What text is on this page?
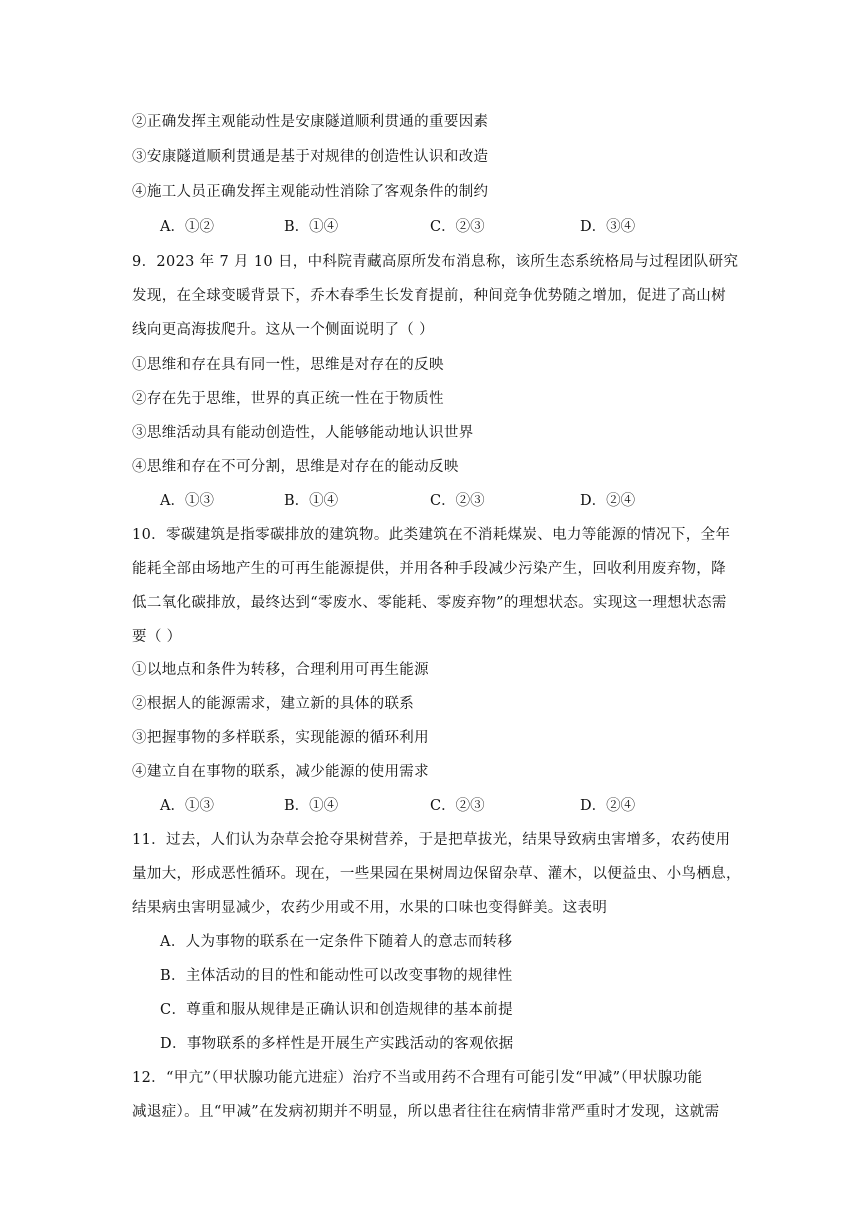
②正确发挥主观能动性是安康隧道顺利贯通的重要因素
③安康隧道顺利贯通是基于对规律的创造性认识和改造
④施工人员正确发挥主观能动性消除了客观条件的制约
A．①②	B．①④	C．②③	D．③④
9．2023 年 7 月 10 日，中科院青藏高原所发布消息称，该所生态系统格局与过程团队研究
发现，在全球变暖背景下，乔木春季生长发育提前，种间竞争优势随之增加，促进了高山树
线向更高海拔爬升。这从一个侧面说明了（ ）
①思维和存在具有同一性，思维是对存在的反映
②存在先于思维，世界的真正统一性在于物质性
③思维活动具有能动创造性，人能够能动地认识世界
④思维和存在不可分割，思维是对存在的能动反映
A．①③	B．①④	C．②③	D．②④
10．零碳建筑是指零碳排放的建筑物。此类建筑在不消耗煤炭、电力等能源的情况下，全年
能耗全部由场地产生的可再生能源提供，并用各种手段减少污染产生，回收利用废弃物，降
低二氧化碳排放，最终达到“零废水、零能耗、零废弃物”的理想状态。实现这一理想状态需
要（ ）
①以地点和条件为转移，合理利用可再生能源
②根据人的能源需求，建立新的具体的联系
③把握事物的多样联系，实现能源的循环利用
④建立自在事物的联系，减少能源的使用需求
A．①③	B．①④	C．②③	D．②④
11．过去，人们认为杂草会抢夺果树营养，于是把草拔光，结果导致病虫害增多，农药使用
量加大，形成恶性循环。现在，一些果园在果树周边保留杂草、灌木，以便益虫、小鸟栖息，
结果病虫害明显减少，农药少用或不用，水果的口味也变得鲜美。这表明
A．人为事物的联系在一定条件下随着人的意志而转移
B．主体活动的目的性和能动性可以改变事物的规律性
C．尊重和服从规律是正确认识和创造规律的基本前提
D．事物联系的多样性是开展生产实践活动的客观依据
12．“甲亢”（甲状腺功能亢进症）治疗不当或用药不合理有可能引发“甲减”（甲状腺功能
减退症）。且“甲减”在发病初期并不明显，所以患者往往在病情非常严重时才发现，这就需
